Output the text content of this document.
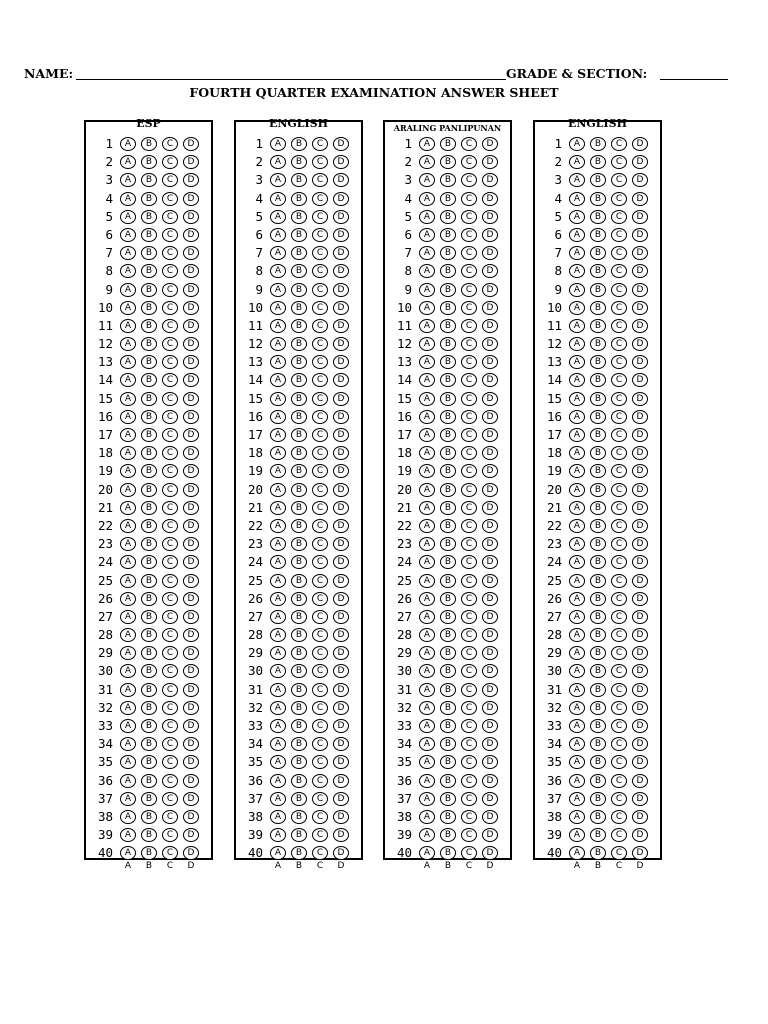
NAME:	GRADE & SECTION:
FOURTH QUARTER EXAMINATION ANSWER SHEET
ESP
1	A	B	C	D
2	A	B	C	D
3	A	B	C	D
4	A	B	C	D
5	A	B	C	D
6	A	B	C	D
7	A	B	C	D
8	A	B	C	D
9	A	B	C	D
10	A	B	C	D
11	A	B	C	D
12	A	B	C	D
13	A	B	C	D
14	A	B	C	D
15	A	B	C	D
16	A	B	C	D
17	A	B	C	D
18	A	B	C	D
19	A	B	C	D
20	A	B	C	D
21	A	B	C	D
22	A	B	C	D
23	A	B	C	D
24	A	B	C	D
25	A	B	C	D
26	A	B	C	D
27	A	B	C	D
28	A	B	C	D
29	A	B	C	D
30	A	B	C	D
31	A	B	C	D
32	A	B	C	D
33	A	B	C	D
34	A	B	C	D
35	A	B	C	D
36	A	B	C	D
37	A	B	C	D
38	A	B	C	D
39	A	B	C	D
40	A	B	C	D
A	B	C	D
ENGLISH
1	A	B	C	D
2	A	B	C	D
3	A	B	C	D
4	A	B	C	D
5	A	B	C	D
6	A	B	C	D
7	A	B	C	D
8	A	B	C	D
9	A	B	C	D
10	A	B	C	D
11	A	B	C	D
12	A	B	C	D
13	A	B	C	D
14	A	B	C	D
15	A	B	C	D
16	A	B	C	D
17	A	B	C	D
18	A	B	C	D
19	A	B	C	D
20	A	B	C	D
21	A	B	C	D
22	A	B	C	D
23	A	B	C	D
24	A	B	C	D
25	A	B	C	D
26	A	B	C	D
27	A	B	C	D
28	A	B	C	D
29	A	B	C	D
30	A	B	C	D
31	A	B	C	D
32	A	B	C	D
33	A	B	C	D
34	A	B	C	D
35	A	B	C	D
36	A	B	C	D
37	A	B	C	D
38	A	B	C	D
39	A	B	C	D
40	A	B	C	D
A	B	C	D
ARALING PANLIPUNAN
1	A	B	C	D
2	A	B	C	D
3	A	B	C	D
4	A	B	C	D
5	A	B	C	D
6	A	B	C	D
7	A	B	C	D
8	A	B	C	D
9	A	B	C	D
10	A	B	C	D
11	A	B	C	D
12	A	B	C	D
13	A	B	C	D
14	A	B	C	D
15	A	B	C	D
16	A	B	C	D
17	A	B	C	D
18	A	B	C	D
19	A	B	C	D
20	A	B	C	D
21	A	B	C	D
22	A	B	C	D
23	A	B	C	D
24	A	B	C	D
25	A	B	C	D
26	A	B	C	D
27	A	B	C	D
28	A	B	C	D
29	A	B	C	D
30	A	B	C	D
31	A	B	C	D
32	A	B	C	D
33	A	B	C	D
34	A	B	C	D
35	A	B	C	D
36	A	B	C	D
37	A	B	C	D
38	A	B	C	D
39	A	B	C	D
40	A	B	C	D
A	B	C	D
ENGLISH
1	A	B	C	D
2	A	B	C	D
3	A	B	C	D
4	A	B	C	D
5	A	B	C	D
6	A	B	C	D
7	A	B	C	D
8	A	B	C	D
9	A	B	C	D
10	A	B	C	D
11	A	B	C	D
12	A	B	C	D
13	A	B	C	D
14	A	B	C	D
15	A	B	C	D
16	A	B	C	D
17	A	B	C	D
18	A	B	C	D
19	A	B	C	D
20	A	B	C	D
21	A	B	C	D
22	A	B	C	D
23	A	B	C	D
24	A	B	C	D
25	A	B	C	D
26	A	B	C	D
27	A	B	C	D
28	A	B	C	D
29	A	B	C	D
30	A	B	C	D
31	A	B	C	D
32	A	B	C	D
33	A	B	C	D
34	A	B	C	D
35	A	B	C	D
36	A	B	C	D
37	A	B	C	D
38	A	B	C	D
39	A	B	C	D
40	A	B	C	D
A	B	C	D
